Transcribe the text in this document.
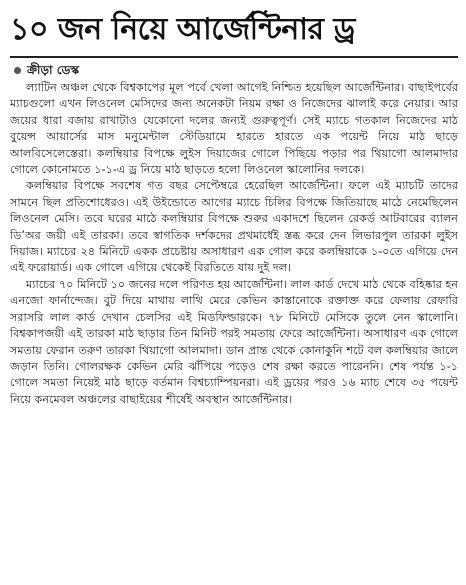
১০ জন নিয়ে আর্জেন্টিনার ড্র
ক্রীড়া ডেস্ক

ল্যাটিন অঞ্চল থেকে বিশ্বকাপের মূল পর্বে খেলা আগেই নিশ্চিত হয়েছিল আর্জেন্টিনার। বাছাইপর্বের ম্যাচগুলো এখন লিওনেল মেসিদের জন্য অনেকটা নিয়ম রক্ষা ও নিজেদের ঝালাই করে নেয়ার। আর জয়ের ধারা বজায় রাখাটাও যেকোনো দলের জন্যই গুরুত্বপূর্ণ। সেই ম্যাচে গতকাল নিজেদের মাঠ বুয়েন্স আয়ার্সের মাস মনুমেন্টাল স্টেডিয়ামে হারতে হারতে এক পয়েন্ট নিয়ে মাঠ ছাড়ে আলবিসেলেস্তেরা। কলম্বিয়ার বিপক্ষে লুইস দিয়াজের গোলে পিছিয়ে পড়ার পর থিয়াগো আলমাদার গোলে কোনোমতে ১-১-এ ড্র নিয়ে মাঠ ছাড়তে হলো লিওনেল স্কালোনির দলকে।

কলম্বিয়ার বিপক্ষে সবশেষ গত বছর সেপ্টেম্বরে হেরেছিল আর্জেন্টিনা। ফলে এই ম্যাচটি তাদের সামনে ছিল প্রতিশোধেরও। এই উইন্ডোতে আগের ম্যাচে চিলির বিপক্ষে জিতিয়াছে মাঠে নেমেছিলেন লিওনেল মেসি। তবে ঘরের মাঠে কলম্বিয়ার বিপক্ষে শুরুর একাদশে ছিলেন রেকর্ড আটবারের ব্যালন ডি’অর জয়ী এই তারকা। তবে স্বাগতিক দর্শকদের প্রথমার্ধেই স্তব্ধ করে দেন লিভারপুল তারকা লুইস দিয়াজ। ম্যাচের ২৪ মিনিটে একক প্রচেষ্টায় অসাধারণ এক গোল করে কলম্বিয়াকে ১-০তে এগিয়ে দেন এই ফরোয়ার্ড। এক গোলে এগিয়ে থেকেই বিরতিতে যায় দুই দল।

ম্যাচের ৭০ মিনিটে ১০ জনের দলে পরিণত হয় আর্জেন্টিনা। লাল কার্ড দেখে মাঠ থেকে বহিষ্কার হন এনজো ফার্নান্দেজ। বুট দিয়ে মাথায় লাথি মেরে কেভিন কাস্তানোকে রক্তাক্ত করে ফেলায় রেফারি সরাসরি লাল কার্ড দেখান চেলসির এই মিডফিল্ডারকে। ৭৮ মিনিটে মেসিকে তুলে নেন স্কালোনি। বিশ্বকাপজয়ী এই তারকা মাঠ ছাড়ার তিন মিনিট পরই সমতায় ফেরে আর্জেন্টিনা। অসাধারণ এক গোলে সমতায় ফেরান তরুণ তারকা থিয়াগো আলমাদা। ডান প্রান্ত থেকে কোনাকুনি শটে বল কলম্বিয়ার জালে জড়ান তিনি। গোলরক্ষক কেভিন মেরি ঝাঁপিয়ে পড়েও শেষ রক্ষা করতে পারেননি। শেষ পর্যন্ত ১-১ গোলে সমতা নিয়েই মাঠ ছাড়ে বর্তমান বিশ্বচ্যাম্পিয়নরা। এই ড্রয়ের পরও ১৬ ম্যাচ শেষে ৩৫ পয়েন্ট নিয়ে কনমেবল অঞ্চলের বাছাইয়ের শীর্ষেই অবস্থান আর্জেন্টিনার।
